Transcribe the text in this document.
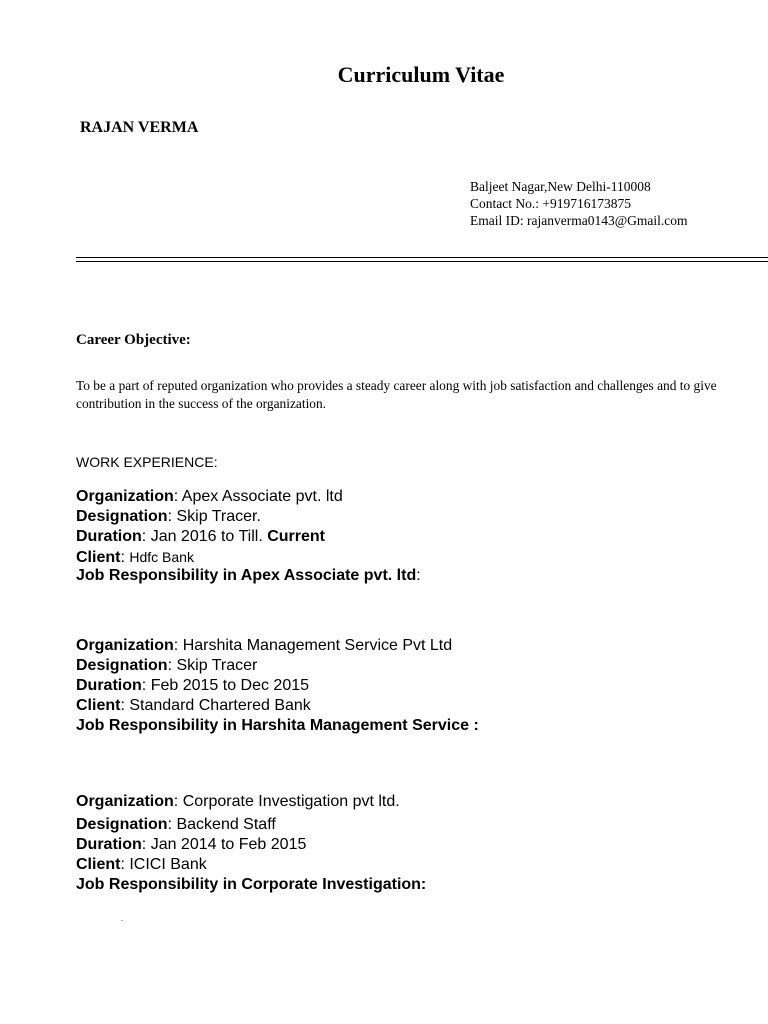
Curriculum Vitae
RAJAN VERMA
Baljeet Nagar,New Delhi-110008
Contact No.: +919716173875
Email ID: rajanverma0143@Gmail.com
Career Objective:
To be a part of reputed organization who provides a steady career along with job satisfaction and challenges and to give contribution in the success of the organization.
WORK EXPERIENCE:
Organization: Apex Associate pvt. ltd
Designation: Skip Tracer.
Duration: Jan 2016 to Till. Current
Client: Hdfc Bank
Job Responsibility in Apex Associate pvt. ltd:
Organization: Harshita Management Service Pvt Ltd
Designation: Skip Tracer
Duration: Feb 2015 to Dec 2015
Client: Standard Chartered Bank
Job Responsibility in Harshita Management Service :
Organization: Corporate Investigation pvt ltd.
Designation: Backend Staff
Duration: Jan 2014 to Feb 2015
Client: ICICI Bank
Job Responsibility in Corporate Investigation:
.
